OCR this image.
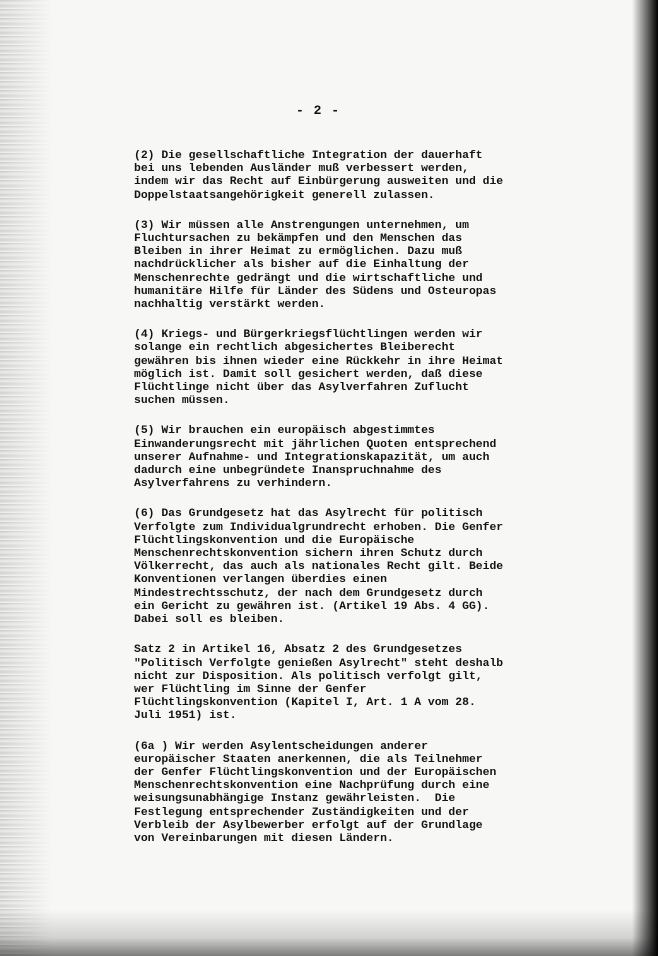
- 2 -

(2) Die gesellschaftliche Integration der dauerhaft
bei uns lebenden Ausländer muß verbessert werden,
indem wir das Recht auf Einbürgerung ausweiten und die
Doppelstaatsangehörigkeit generell zulassen.

(3) Wir müssen alle Anstrengungen unternehmen, um
Fluchtursachen zu bekämpfen und den Menschen das
Bleiben in ihrer Heimat zu ermöglichen. Dazu muß
nachdrücklicher als bisher auf die Einhaltung der
Menschenrechte gedrängt und die wirtschaftliche und
humanitäre Hilfe für Länder des Südens und Osteuropas
nachhaltig verstärkt werden.

(4) Kriegs- und Bürgerkriegsflüchtlingen werden wir
solange ein rechtlich abgesichertes Bleiberecht
gewähren bis ihnen wieder eine Rückkehr in ihre Heimat
möglich ist. Damit soll gesichert werden, daß diese
Flüchtlinge nicht über das Asylverfahren Zuflucht
suchen müssen.

(5) Wir brauchen ein europäisch abgestimmtes
Einwanderungsrecht mit jährlichen Quoten entsprechend
unserer Aufnahme- und Integrationskapazität, um auch
dadurch eine unbegründete Inanspruchnahme des
Asylverfahrens zu verhindern.

(6) Das Grundgesetz hat das Asylrecht für politisch
Verfolgte zum Individualgrundrecht erhoben. Die Genfer
Flüchtlingskonvention und die Europäische
Menschenrechtskonvention sichern ihren Schutz durch
Völkerrecht, das auch als nationales Recht gilt. Beide
Konventionen verlangen überdies einen
Mindestrechtsschutz, der nach dem Grundgesetz durch
ein Gericht zu gewähren ist. (Artikel 19 Abs. 4 GG).
Dabei soll es bleiben.

Satz 2 in Artikel 16, Absatz 2 des Grundgesetzes
"Politisch Verfolgte genießen Asylrecht" steht deshalb
nicht zur Disposition. Als politisch verfolgt gilt,
wer Flüchtling im Sinne der Genfer
Flüchtlingskonvention (Kapitel I, Art. 1 A vom 28.
Juli 1951) ist.

(6a ) Wir werden Asylentscheidungen anderer
europäischer Staaten anerkennen, die als Teilnehmer
der Genfer Flüchtlingskonvention und der Europäischen
Menschenrechtskonvention eine Nachprüfung durch eine
weisungsunabhängige Instanz gewährleisten.  Die
Festlegung entsprechender Zuständigkeiten und der
Verbleib der Asylbewerber erfolgt auf der Grundlage
von Vereinbarungen mit diesen Ländern.
